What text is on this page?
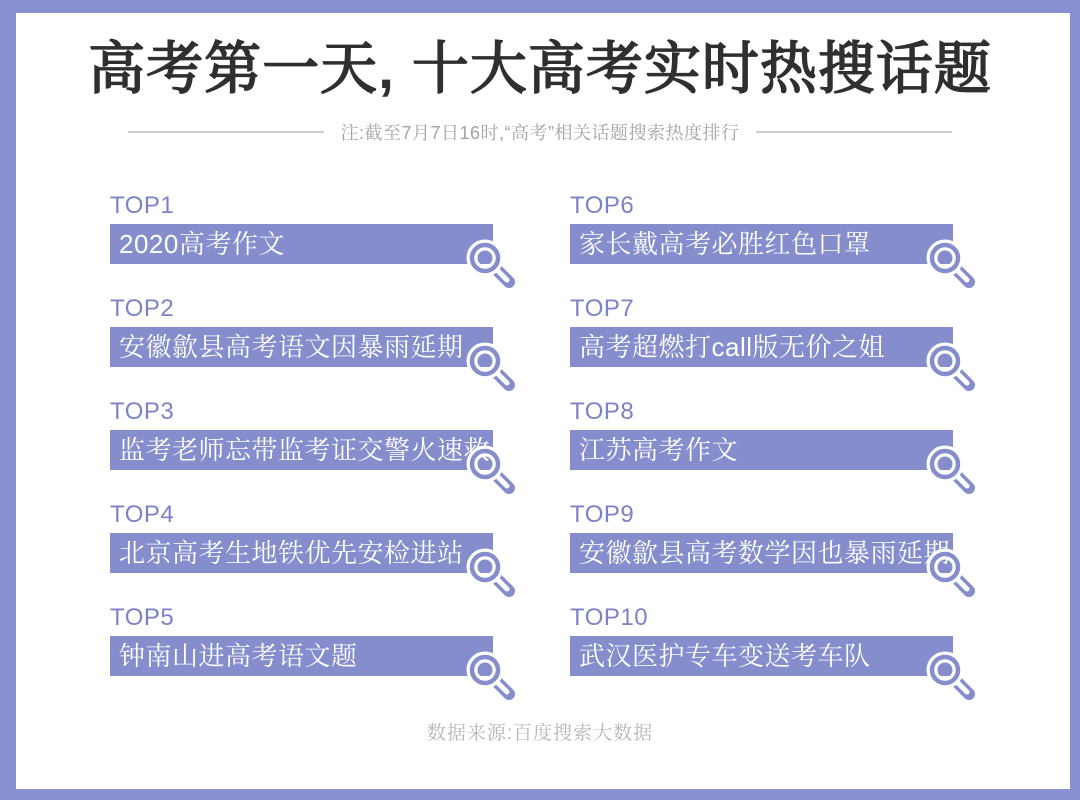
高考第一天, 十大高考实时热搜话题
注:截至7月7日16时,“高考”相关话题搜索热度排行
TOP1
2020高考作文
TOP2
安徽歙县高考语文因暴雨延期
TOP3
监考老师忘带监考证交警火速救助
TOP4
北京高考生地铁优先安检进站
TOP5
钟南山进高考语文题
TOP6
家长戴高考必胜红色口罩
TOP7
高考超燃打call版无价之姐
TOP8
江苏高考作文
TOP9
安徽歙县高考数学因也暴雨延期
TOP10
武汉医护专车变送考车队
数据来源:百度搜索大数据
